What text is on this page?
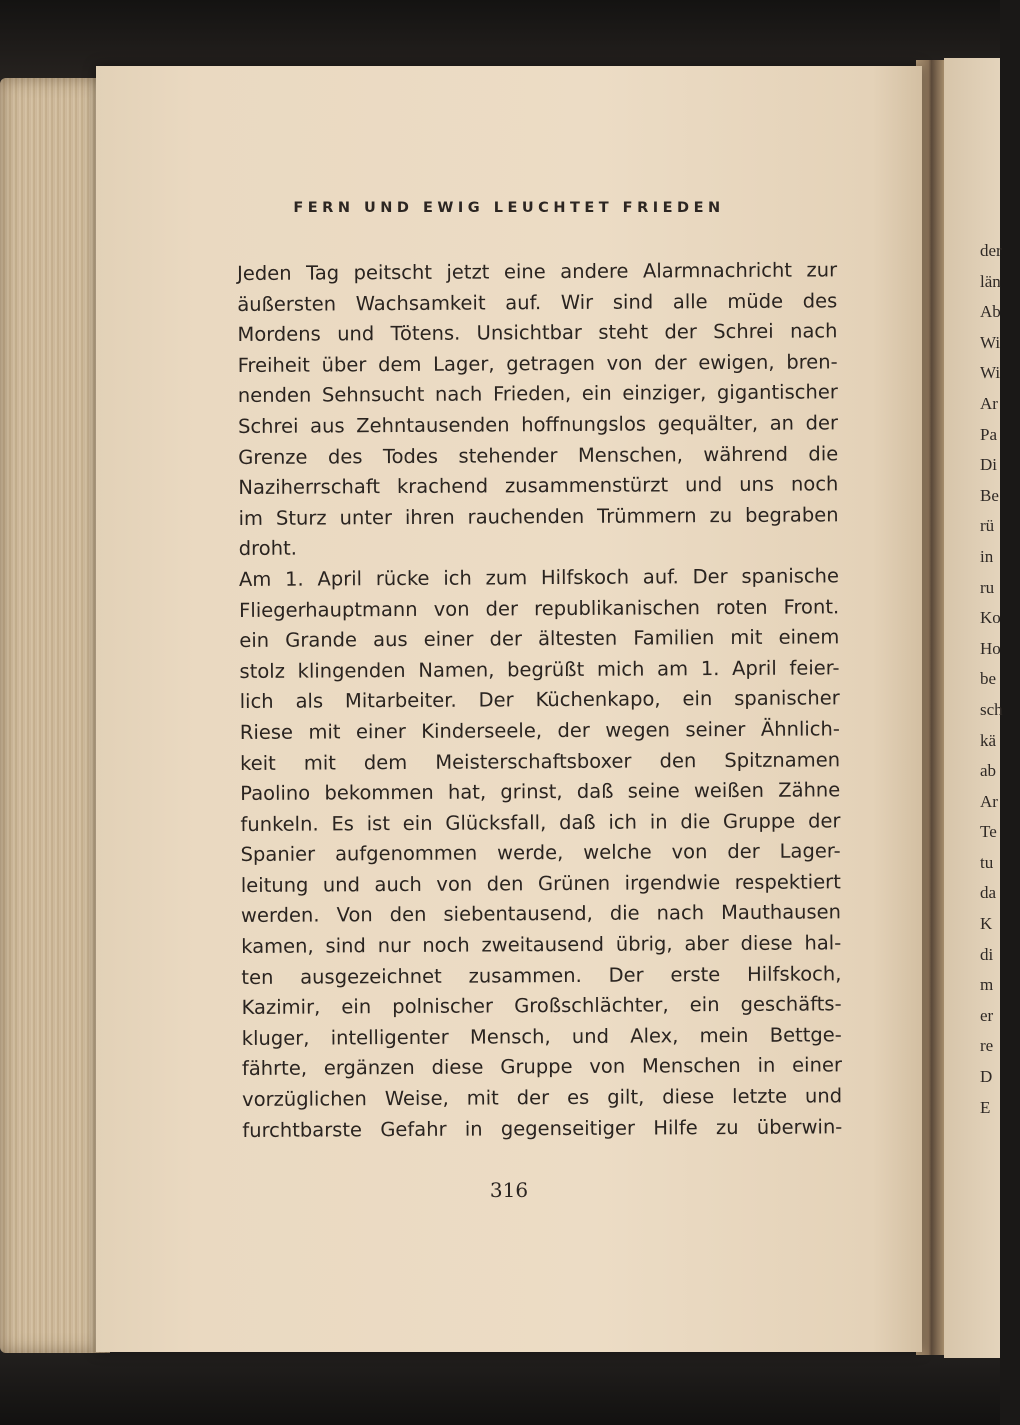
FERN UND EWIG LEUCHTET FRIEDEN
Jeden Tag peitscht jetzt eine andere Alarmnachricht zur
äußersten Wachsamkeit auf. Wir sind alle müde des
Mordens und Tötens. Unsichtbar steht der Schrei nach
Freiheit über dem Lager, getragen von der ewigen, bren-
nenden Sehnsucht nach Frieden, ein einziger, gigantischer
Schrei aus Zehntausenden hoffnungslos gequälter, an der
Grenze des Todes stehender Menschen, während die
Naziherrschaft krachend zusammenstürzt und uns noch
im Sturz unter ihren rauchenden Trümmern zu begraben
droht.
Am 1. April rücke ich zum Hilfskoch auf. Der spanische
Fliegerhauptmann von der republikanischen roten Front.
ein Grande aus einer der ältesten Familien mit einem
stolz klingenden Namen, begrüßt mich am 1. April feier-
lich als Mitarbeiter. Der Küchenkapo, ein spanischer
Riese mit einer Kinderseele, der wegen seiner Ähnlich-
keit mit dem Meisterschaftsboxer den Spitznamen
Paolino bekommen hat, grinst, daß seine weißen Zähne
funkeln. Es ist ein Glücksfall, daß ich in die Gruppe der
Spanier aufgenommen werde, welche von der Lager-
leitung und auch von den Grünen irgendwie respektiert
werden. Von den siebentausend, die nach Mauthausen
kamen, sind nur noch zweitausend übrig, aber diese hal-
ten ausgezeichnet zusammen. Der erste Hilfskoch,
Kazimir, ein polnischer Großschlächter, ein geschäfts-
kluger, intelligenter Mensch, und Alex, mein Bettge-
fährte, ergänzen diese Gruppe von Menschen in einer
vorzüglichen Weise, mit der es gilt, diese letzte und
furchtbarste Gefahr in gegenseitiger Hilfe zu überwin-
316
der
län
Ab
Wi
Wi
Ar
Pa
Di
Be
rü
in
ru
Ko
Ho
be
sch
kä
ab
Ar
Te
tu
da
K
di
m
er
re
D
E
